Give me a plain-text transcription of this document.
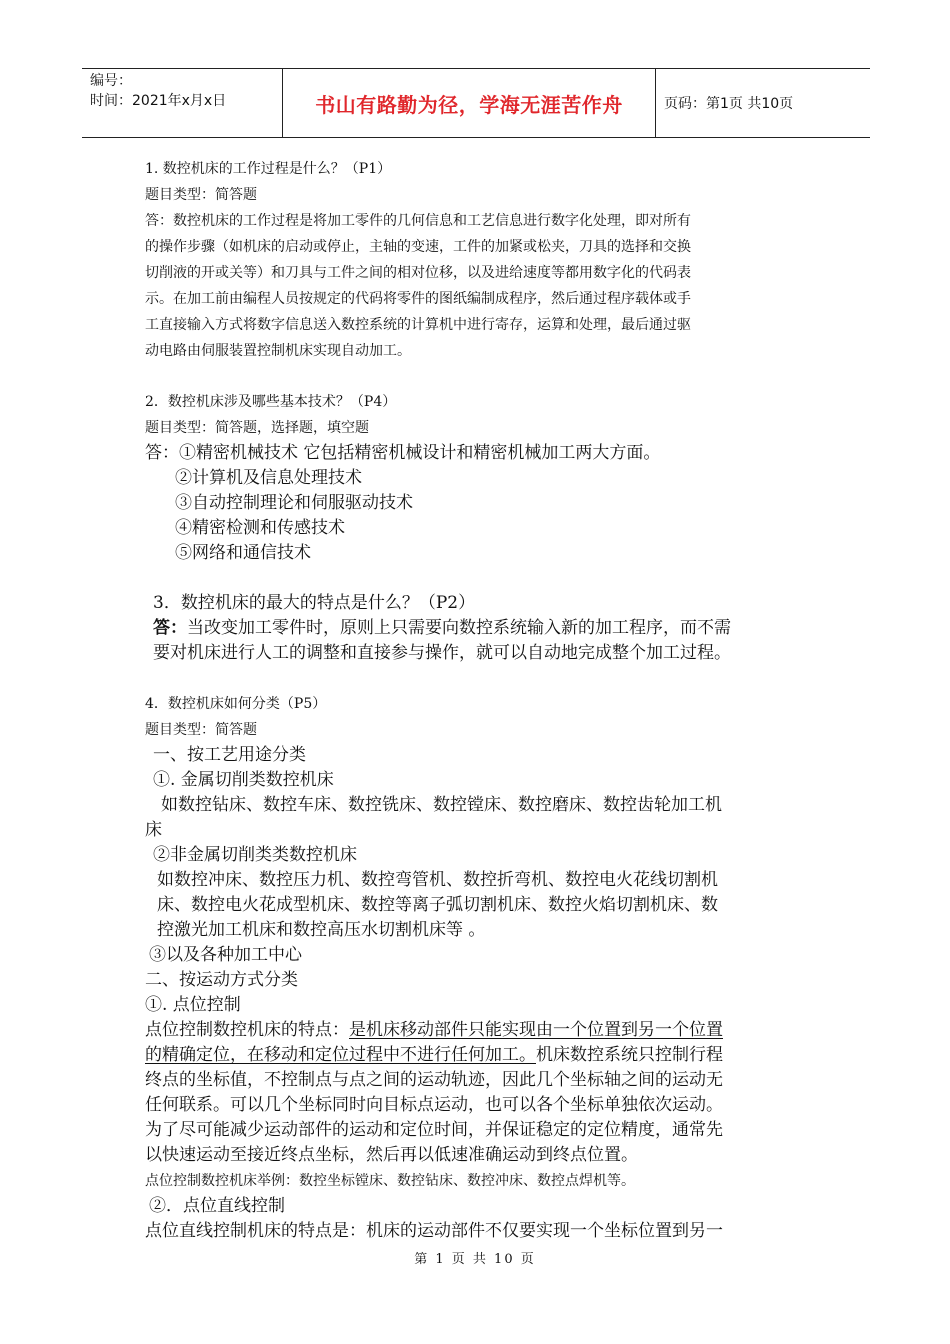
编号：
时间：2021年x月x日	书山有路勤为径，学海无涯苦作舟	页码：第1页 共10页
1. 数控机床的工作过程是什么？（P1）
题目类型：简答题
答：数控机床的工作过程是将加工零件的几何信息和工艺信息进行数字化处理，即对所有
的操作步骤（如机床的启动或停止，主轴的变速，工件的加紧或松夹，刀具的选择和交换
切削液的开或关等）和刀具与工件之间的相对位移，以及进给速度等都用数字化的代码表
示。在加工前由编程人员按规定的代码将零件的图纸编制成程序，然后通过程序载体或手
工直接输入方式将数字信息送入数控系统的计算机中进行寄存，运算和处理，最后通过驱
动电路由伺服装置控制机床实现自动加工。
2．数控机床涉及哪些基本技术？（P4）
题目类型：简答题，选择题，填空题
答：①精密机械技术 它包括精密机械设计和精密机械加工两大方面。
②计算机及信息处理技术
③自动控制理论和伺服驱动技术
④精密检测和传感技术
⑤网络和通信技术
3．数控机床的最大的特点是什么？（P2）
答：当改变加工零件时，原则上只需要向数控系统输入新的加工程序，而不需
要对机床进行人工的调整和直接参与操作，就可以自动地完成整个加工过程。
4．数控机床如何分类（P5）
题目类型：简答题
一、按工艺用途分类
①. 金属切削类数控机床
如数控钻床、数控车床、数控铣床、数控镗床、数控磨床、数控齿轮加工机
床
②非金属切削类类数控机床
如数控冲床、数控压力机、数控弯管机、数控折弯机、数控电火花线切割机
床、数控电火花成型机床、数控等离子弧切割机床、数控火焰切割机床、数
控激光加工机床和数控高压水切割机床等 。
③以及各种加工中心
二、按运动方式分类
①. 点位控制
点位控制数控机床的特点：是机床移动部件只能实现由一个位置到另一个位置
的精确定位，在移动和定位过程中不进行任何加工。机床数控系统只控制行程
终点的坐标值，不控制点与点之间的运动轨迹，因此几个坐标轴之间的运动无
任何联系。可以几个坐标同时向目标点运动，也可以各个坐标单独依次运动。
为了尽可能减少运动部件的运动和定位时间，并保证稳定的定位精度，通常先
以快速运动至接近终点坐标，然后再以低速准确运动到终点位置。
点位控制数控机床举例：数控坐标镗床、数控钻床、数控冲床、数控点焊机等。
②．点位直线控制
点位直线控制机床的特点是：机床的运动部件不仅要实现一个坐标位置到另一
第 1 页 共 10 页
